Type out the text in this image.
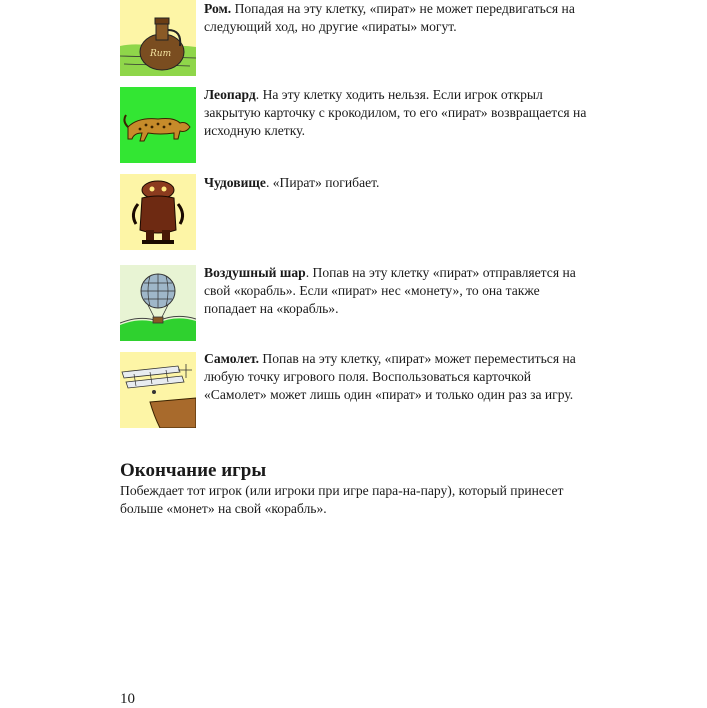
Rum

Ром. Попадая на эту клетку, «пират» не может передвигаться на следующий ход, но другие «пираты» могут.

Леопард. На эту клетку ходить нельзя. Если игрок открыл закрытую карточку с крокодилом, то его «пират» возвращается на исходную клетку.

Чудовище. «Пират» погибает.

Воздушный шар. Попав на эту клетку «пират» отправляется на свой «корабль». Если «пират» нес «монету», то она также попадает на «корабль».

Самолет. Попав на эту клетку, «пират» может переместиться на любую точку игрового поля. Воспользоваться карточкой «Самолет» может лишь один «пират» и только один раз за игру.

Окончание игры

Побеждает тот игрок (или игроки при игре пара-на-пару), который принесет больше «монет» на свой «корабль».

10
